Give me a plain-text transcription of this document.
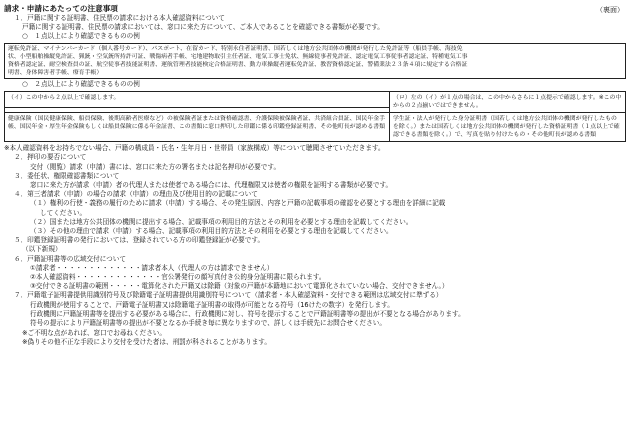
請求・申請にあたっての注意事項	（裏面）
１．戸籍に関する証明書、住民票の請求における本人確認資料について
戸籍に関する証明書、住民票の請求においては、窓口に来た方について、ご本人であることを確認できる書類が必要です。
○　１点以上により確認できるものの例
運転免許証、マイナンバーカード（個人番号カード）、パスポート、在留カード、特別永住者証明書、国若しくは地方公共団体の機関が発行した免許証等（船員手帳、海技免
状、小型船舶操縦免許証、猟銃・空気銃所持許可証、戦傷病者手帳、宅地建物取引主任者証、電気工事士免状、無線従事者免許証、認定電気工事従事者認定証、特種電気工事
資格者認定証、耐空検査員の証、航空従事者技能証明書、運航管理者技能検定合格証明書、動力車操縦者運転免許証、教習資格認定証、警備業法２３条４項に規定する合格証
明書、身体障害者手帳、療育手帳）
○　２点以上により確認できるものの例
（イ）この中から２点以上で確認します。	（ロ）左の（イ）が１点の場合は、この中からさらに１点提示で確認します。※この中からの２点揃いではできません。

健康保険（国民健康保険、船員保険、後期高齢者医療など）の被保険者証または資格確認書、介護保険被保険者証、共済組合員証、国民年金手帳、国民年金・厚生年金保険もしくは船員保険に係る年金証書、この書類に窓口押印した印鑑に係る印鑑登録証明書、その他町長が認める書類	学生証・法人が発行した身分証明書（国若しくは地方公共団体の機関が発行したものを除く。）または国若しくは地方公共団体の機関が発行した資格証明書（１点以上で確認できる書類を除く。）で、写真を貼り付けたもの・その他町長が認める書類
※本人確認資料をお持ちでない場合、戸籍の構成員・氏名・生年月日・世帯員（家族構成）等について聴聞させていただきます。
２．押印の要否について
交付（閲覧）請求（申請）書には、窓口に来た方の署名または記名押印が必要です。
３．委任状、権限確認書類について
窓口に来た方が請求（申請）者の代理人または使者である場合には、代理権限又は使者の権限を証明する書類が必要です。
４．第三者請求（申請）の場合の請求（申請）の理由及び使用目的の記載について
（１）権利の行使・義務の履行のために請求（申請）する場合、その発生原因、内容と戸籍の記載事項の確認を必要とする理由を詳細に記載
してください。
（２）国または地方公共団体の機関に提出する場合、記載事項の利用目的方法とその利用を必要とする理由を記載してください。
（３）その他の理由で請求（申請）する場合、記載事項の利用目的方法とその利用を必要とする理由を記載してください。
５．印鑑登録証明書の発行においては、登録されている方の印鑑登録証が必要です。
（以下新規）
６．戸籍証明書等の広域交付について
①請求者・・・・・・・・・・・・・請求者本人（代理人の方は請求できません）
②本人確認資料・・・・・・・・・・・・・官公署発行の顔写真付き公的身分証明書に限られます。
③交付できる証明書の範囲・・・・・電算化された戸籍又は除籍（対象の戸籍が本籍地において電算化されていない場合、交付できません。）
７．戸籍電子証明書提供用識別符号及び除籍電子証明書提供用識別符号について（請求者・本人確認資料・交付できる範囲は広域交付に準ずる）
行政機関が使用することで、戸籍電子証明書又は除籍電子証明書の取得が可能となる符号（16けたの数字）を発行します。
行政機関に戸籍証明書等を提出する必要がある場合に、行政機関に対し、符号を提示することで戸籍証明書等の提出が不要となる場合があります。
符号の提示により戸籍証明書等の提出が不要となるか手続き毎に異なりますので、詳しくは手続先にお問合せください。
※ご不明な点があれば、窓口でお尋ねください。
※偽りその他不正な手段により交付を受けた者は、刑罰が科されることがあります。
